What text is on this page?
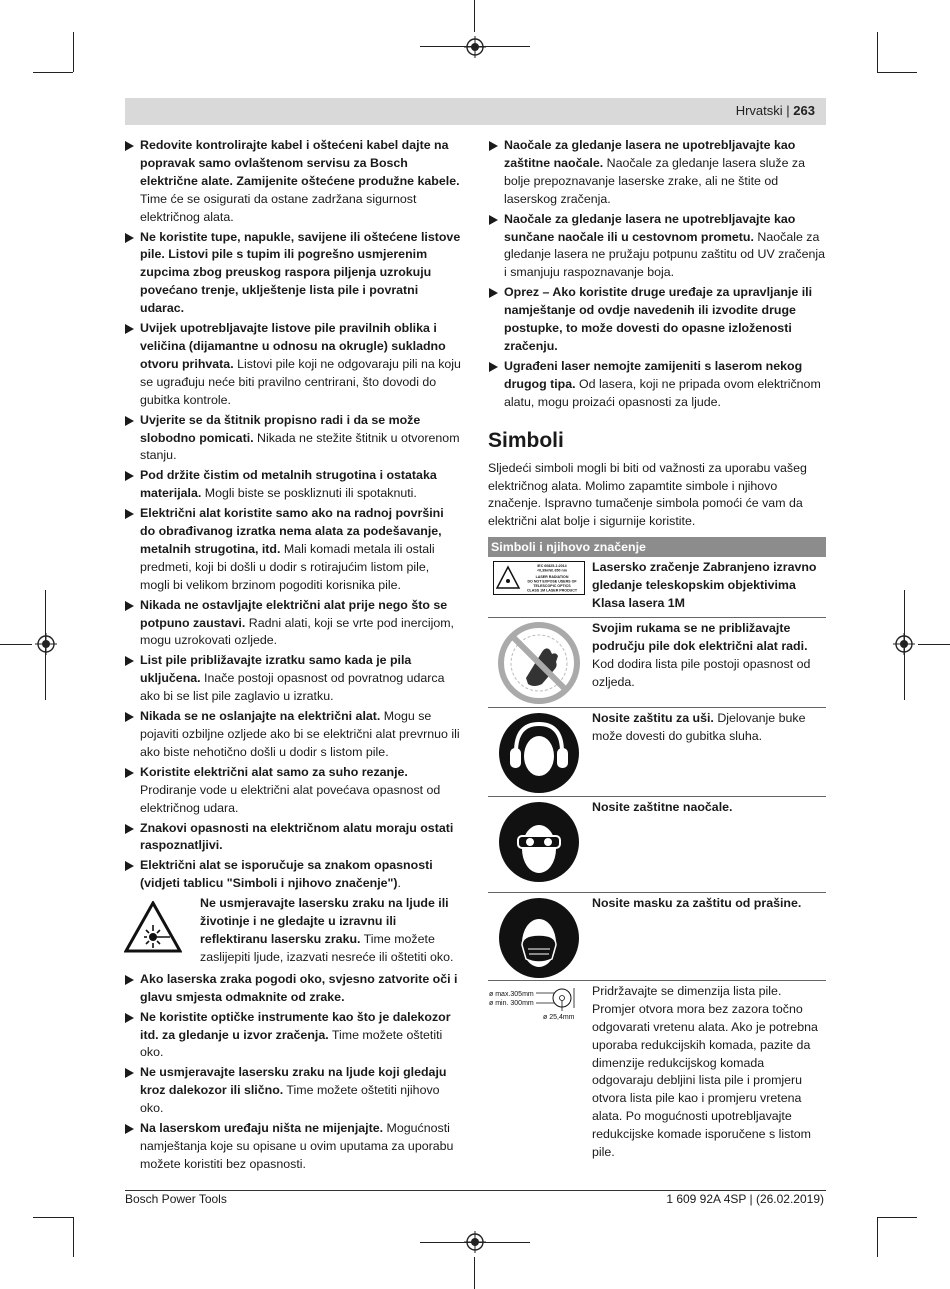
Hrvatski | 263
Redovite kontrolirajte kabel i oštećeni kabel dajte na popravak samo ovlaštenom servisu za Bosch električne alate. Zamijenite oštećene produžne kabele. Time će se osigurati da ostane zadržana sigurnost električnog alata.
Ne koristite tupe, napukle, savijene ili oštećene listove pile. Listovi pile s tupim ili pogrešno usmjerenim zupcima zbog preuskog raspora piljenja uzrokuju povećano trenje, uklještenje lista pile i povratni udarac.
Uvijek upotrebljavajte listove pile pravilnih oblika i veličina (dijamantne u odnosu na okrugle) sukladno otvoru prihvata. Listovi pile koji ne odgovaraju pili na koju se ugrađuju neće biti pravilno centrirani, što dovodi do gubitka kontrole.
Uvjerite se da štitnik propisno radi i da se može slobodno pomicati. Nikada ne stežite štitnik u otvorenom stanju.
Pod držite čistim od metalnih strugotina i ostataka materijala. Mogli biste se poskliznuti ili spotaknuti.
Električni alat koristite samo ako na radnoj površini do obrađivanog izratka nema alata za podešavanje, metalnih strugotina, itd. Mali komadi metala ili ostali predmeti, koji bi došli u dodir s rotirajućim listom pile, mogli bi velikom brzinom pogoditi korisnika pile.
Nikada ne ostavljajte električni alat prije nego što se potpuno zaustavi. Radni alati, koji se vrte pod inercijom, mogu uzrokovati ozljede.
List pile približavajte izratku samo kada je pila uključena. Inače postoji opasnost od povratnog udarca ako bi se list pile zaglavio u izratku.
Nikada se ne oslanjajte na električni alat. Mogu se pojaviti ozbiljne ozljede ako bi se električni alat prevrnuo ili ako biste nehotično došli u dodir s listom pile.
Koristite električni alat samo za suho rezanje. Prodiranje vode u električni alat povećava opasnost od električnog udara.
Znakovi opasnosti na električnom alatu moraju ostati raspoznatljivi.
Električni alat se isporučuje sa znakom opasnosti (vidjeti tablicu "Simboli i njihovo značenje").
Ne usmjeravajte lasersku zraku na ljude ili životinje i ne gledajte u izravnu ili reflektiranu lasersku zraku. Time možete zaslijepiti ljude, izazvati nesreće ili oštetiti oko.
Ako laserska zraka pogodi oko, svjesno zatvorite oči i glavu smjesta odmaknite od zrake.
Ne koristite optičke instrumente kao što je dalekozor itd. za gledanje u izvor zračenja. Time možete oštetiti oko.
Ne usmjeravajte lasersku zraku na ljude koji gledaju kroz dalekozor ili slično. Time možete oštetiti njihovo oko.
Na laserskom uređaju ništa ne mijenjajte. Mogućnosti namještanja koje su opisane u ovim uputama za uporabu možete koristiti bez opasnosti.
Naočale za gledanje lasera ne upotrebljavajte kao zaštitne naočale. Naočale za gledanje lasera služe za bolje prepoznavanje laserske zrake, ali ne štite od laserskog zračenja.
Naočale za gledanje lasera ne upotrebljavajte kao sunčane naočale ili u cestovnom prometu. Naočale za gledanje lasera ne pružaju potpunu zaštitu od UV zračenja i smanjuju raspoznavanje boja.
Oprez – Ako koristite druge uređaje za upravljanje ili namještanje od ovdje navedenih ili izvodite druge postupke, to može dovesti do opasne izloženosti zračenju.
Ugrađeni laser nemojte zamijeniti s laserom nekog drugog tipa. Od lasera, koji ne pripada ovom električnom alatu, mogu proizaći opasnosti za ljude.
Simboli

Sljedeći simboli mogli bi biti od važnosti za uporabu vašeg električnog alata. Molimo zapamtite simbole i njihovo značenje. Ispravno tumačenje simbola pomoći će vam da električni alat bolje i sigurnije koristite.

Simboli i njihovo značenje
IEC 60825-1:2014
<0,39mW, 650 nm
LASER RADIATION
DO NOT EXPOSE USERS OF
TELESCOPIC OPTICS
CLASS 1M LASER PRODUCT
Lasersko zračenje Zabranjeno izravno gledanje teleskopskim objektivima Klasa lasera 1M
Svojim rukama se ne približavajte području pile dok električni alat radi. Kod dodira lista pile postoji opasnost od ozljeda.
Nosite zaštitu za uši. Djelovanje buke može dovesti do gubitka sluha.
Nosite zaštitne naočale.
Nosite masku za zaštitu od prašine.
ø max.305mm
ø min. 300mm
ø 25,4mm
Pridržavajte se dimenzija lista pile. Promjer otvora mora bez zazora točno odgovarati vretenu alata. Ako je potrebna uporaba redukcijskih komada, pazite da dimenzije redukcijskog komada odgovaraju debljini lista pile i promjeru otvora lista pile kao i promjeru vretena alata. Po mogućnosti upotrebljavajte redukcijske komade isporučene s listom pile.
Bosch Power Tools	1 609 92A 4SP | (26.02.2019)
